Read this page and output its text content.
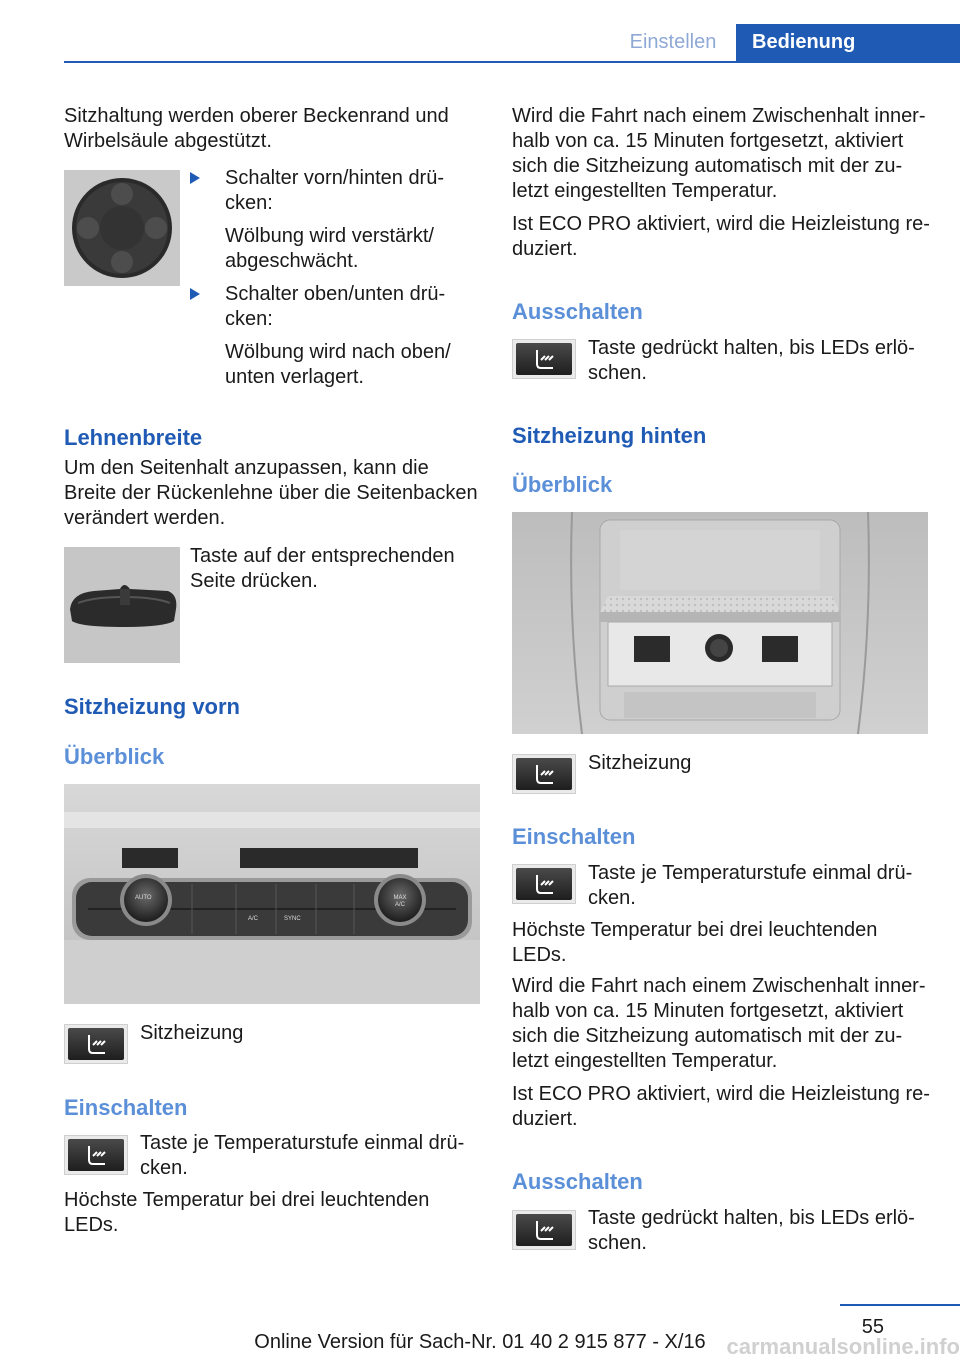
Einstellen	Bedienung
Sitzhaltung werden oberer Beckenrand und
Wirbelsäule abgestützt.
Schalter vorn/hinten drü-
cken:
Wölbung wird verstärkt/
abgeschwächt.
Schalter oben/unten drü-
cken:
Wölbung wird nach oben/
unten verlagert.
Lehnenbreite
Um den Seitenhalt anzupassen, kann die
Breite der Rückenlehne über die Seitenbacken
verändert werden.
Taste auf der entsprechenden
Seite drücken.
Sitzheizung vorn
Überblick
AUTO
A/C	SYNC
MAX A/C
Sitzheizung
Einschalten
Taste je Temperaturstufe einmal drü-
cken.
Höchste Temperatur bei drei leuchtenden
LEDs.
Wird die Fahrt nach einem Zwischenhalt inner-
halb von ca. 15 Minuten fortgesetzt, aktiviert
sich die Sitzheizung automatisch mit der zu-
letzt eingestellten Temperatur.
Ist ECO PRO aktiviert, wird die Heizleistung re-
duziert.
Ausschalten
Taste gedrückt halten, bis LEDs erlö-
schen.
Sitzheizung hinten
Überblick
Sitzheizung
Einschalten
Taste je Temperaturstufe einmal drü-
cken.
Höchste Temperatur bei drei leuchtenden
LEDs.
Wird die Fahrt nach einem Zwischenhalt inner-
halb von ca. 15 Minuten fortgesetzt, aktiviert
sich die Sitzheizung automatisch mit der zu-
letzt eingestellten Temperatur.
Ist ECO PRO aktiviert, wird die Heizleistung re-
duziert.
Ausschalten
Taste gedrückt halten, bis LEDs erlö-
schen.
55
Online Version für Sach-Nr. 01 40 2 915 877 - X/16 carmanualsonline.info
